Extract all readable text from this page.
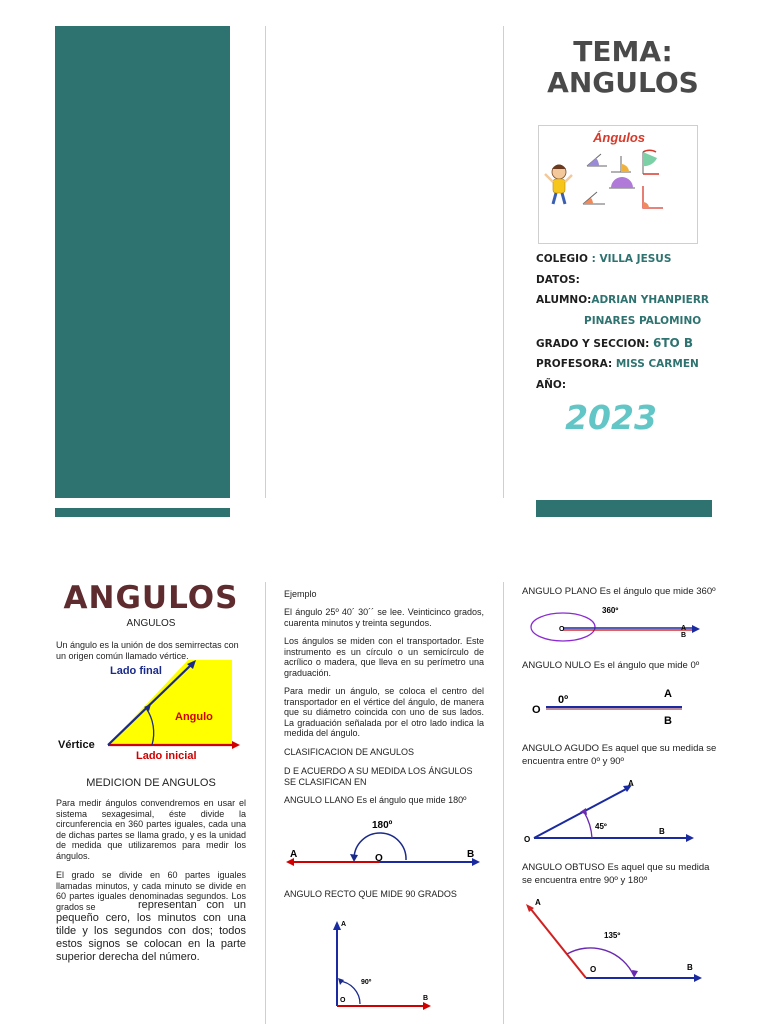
TEMA:
ANGULOS
Ángulos
COLEGIO : VILLA JESUS
DATOS:
ALUMNO:ADRIAN YHANPIERR
PINARES PALOMINO
GRADO Y SECCION: 6TO B
PROFESORA: MISS CARMEN
AÑO:
2023
ANGULOS
ANGULOS
Un ángulo es la unión de dos semirrectas con un origen común llamado vértice.
Lado final
Angulo
Vértice
Lado inicial
MEDICION DE ANGULOS
Para medir ángulos convendremos en usar el sistema sexagesimal, éste divide la circunferencia en 360 partes iguales, cada una de dichas partes se llama grado, y es la unidad de medida que utilizaremos para medir los ángulos.
El grado se divide en 60 partes iguales llamadas minutos, y cada minuto se divide en 60 partes iguales denominadas segundos. Los grados se	representan con un pequeño cero, los minutos con una tilde y los segundos con dos; todos estos signos se colocan en la parte superior derecha del número.
Ejemplo
El ángulo 25º 40´ 30´´ se lee. Veinticinco grados, cuarenta minutos y treinta segundos.
Los ángulos se miden con el transportador. Este instrumento es un círculo o un semicírculo de acrílico o madera, que lleva en su perímetro una graduación.
Para medir un ángulo, se coloca el centro del transportador en el vértice del ángulo, de manera que su diámetro coincida con uno de sus lados. La graduación señalada por el otro lado indica la medida del ángulo.
CLASIFICACION DE ANGULOS
D E ACUERDO A SU MEDIDA LOS ÁNGULOS SE CLASIFICAN EN
ANGULO LLANO Es el ángulo que mide 180º
180º
A	O	B
ANGULO RECTO QUE MIDE 90 GRADOS
A
O	B
90º
ANGULO PLANO Es el ángulo que mide 360º
O	A
B
360º
ANGULO NULO Es el ángulo que mide 0º
O
0º	A
B
ANGULO AGUDO Es aquel que su medida se encuentra entre 0º y 90º
O
A
B
45º
ANGULO OBTUSO Es aquel que su medida se encuentra entre 90º y 180º
A
O	B
135º
